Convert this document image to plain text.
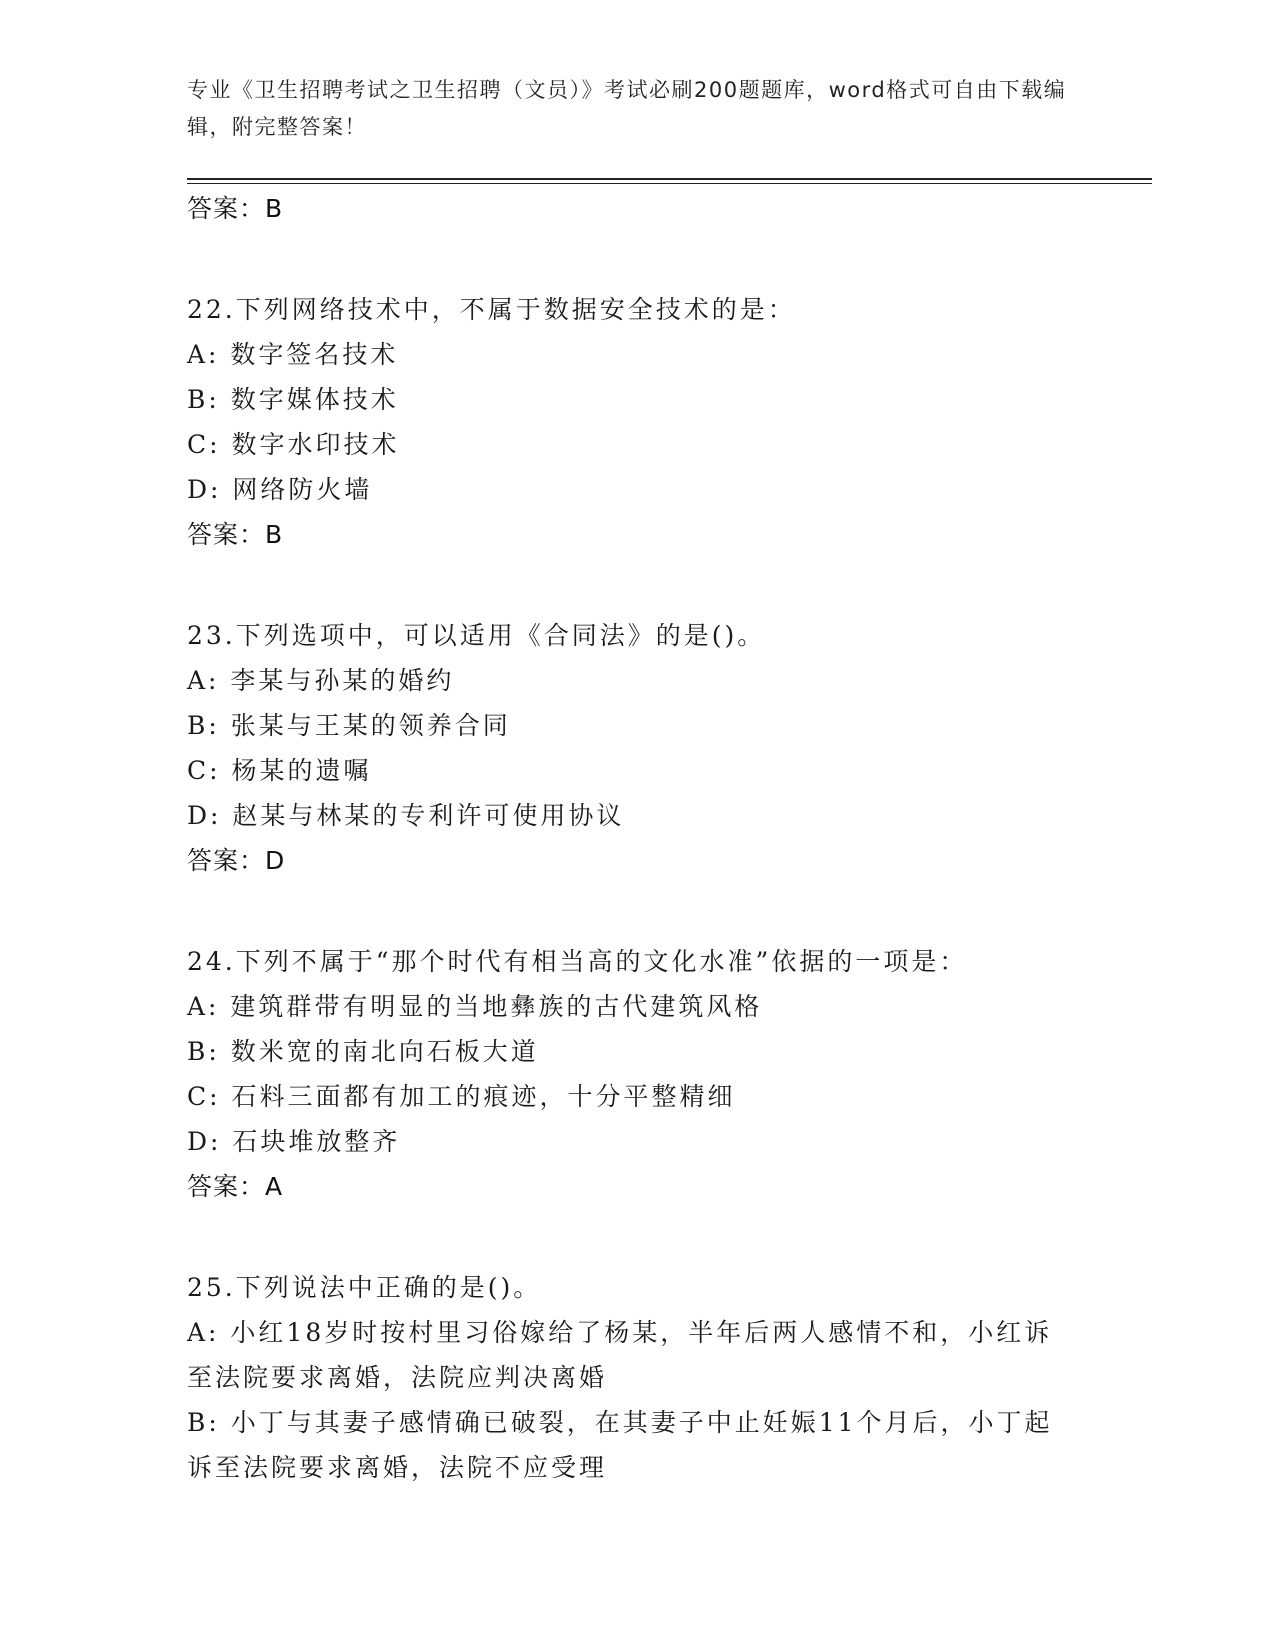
专业《卫生招聘考试之卫生招聘（文员）》考试必刷200题题库，word格式可自由下载编辑，附完整答案！
答案：B
22.下列网络技术中，不属于数据安全技术的是：
A: 数字签名技术
B: 数字媒体技术
C: 数字水印技术
D: 网络防火墙
答案：B
23.下列选项中，可以适用《合同法》的是()。
A: 李某与孙某的婚约
B: 张某与王某的领养合同
C: 杨某的遗嘱
D: 赵某与林某的专利许可使用协议
答案：D
24.下列不属于“那个时代有相当高的文化水准”依据的一项是：
A: 建筑群带有明显的当地彝族的古代建筑风格
B: 数米宽的南北向石板大道
C: 石料三面都有加工的痕迹，十分平整精细
D: 石块堆放整齐
答案：A
25.下列说法中正确的是()。
A: 小红18岁时按村里习俗嫁给了杨某，半年后两人感情不和，小红诉至法院要求离婚，法院应判决离婚
B: 小丁与其妻子感情确已破裂，在其妻子中止妊娠11个月后，小丁起诉至法院要求离婚，法院不应受理
